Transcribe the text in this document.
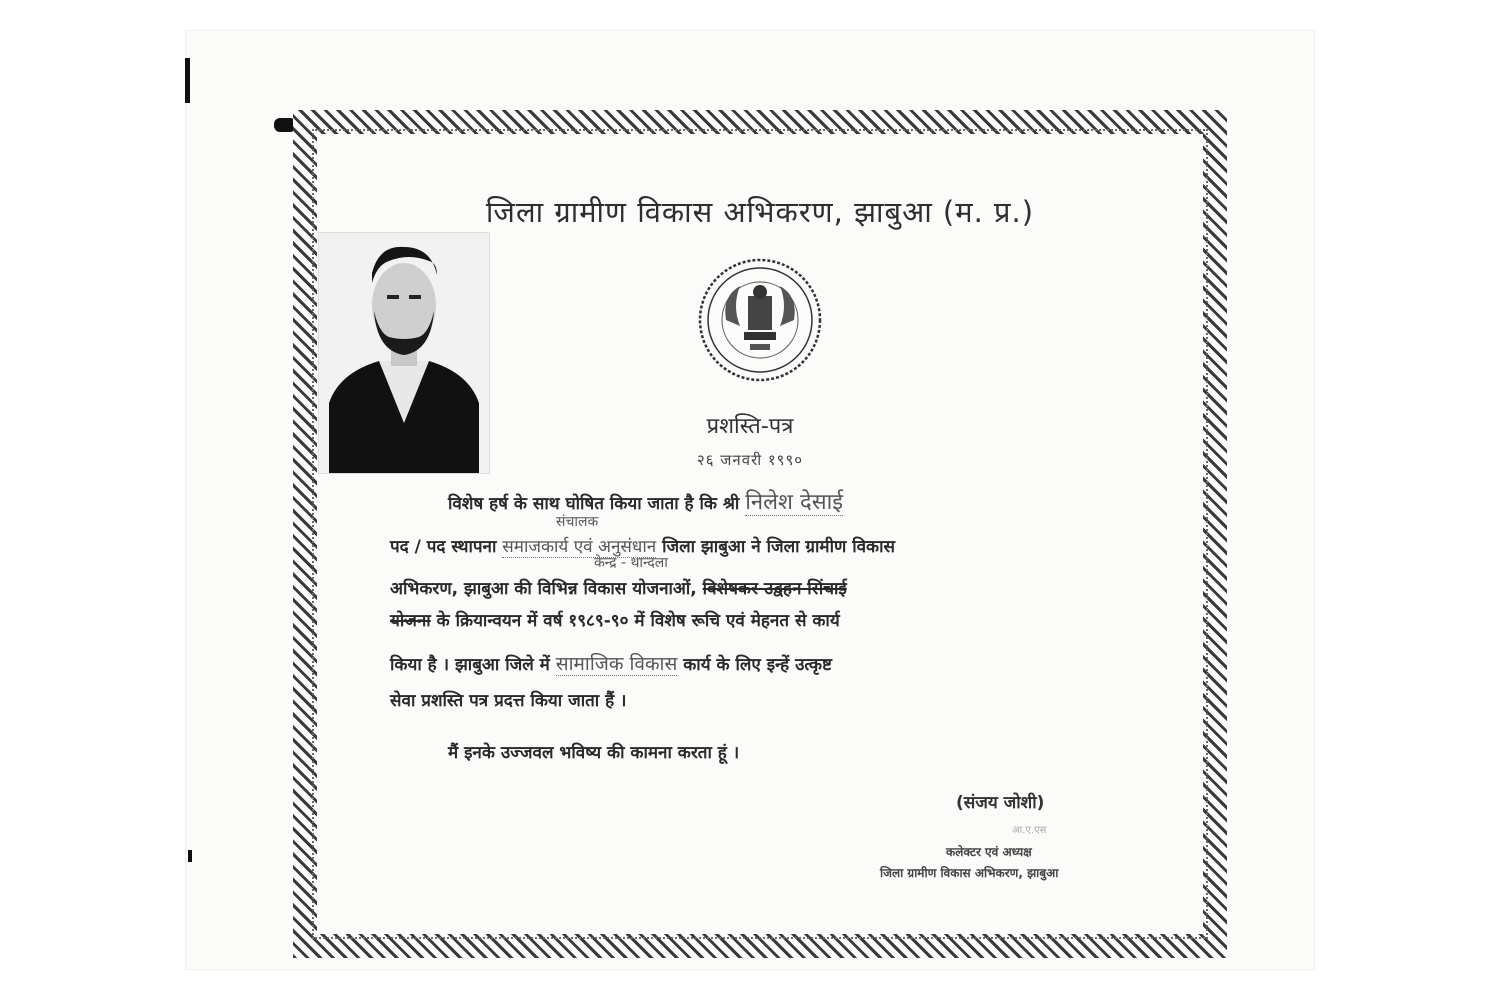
जिला ग्रामीण विकास अभिकरण, झाबुआ (म. प्र.)
प्रशस्ति-पत्र
२६ जनवरी १९९०
विशेष हर्ष के साथ घोषित किया जाता है कि श्री निलेश देसाई
संचालक
पद / पद स्थापना समाजकार्य एवं अनुसंधान जिला झाबुआ ने जिला ग्रामीण विकास
केन्द्र - थान्दला
अभिकरण, झाबुआ की विभिन्न विकास योजनाओं, विशेषकर उद्वहन सिंचाई
योजना के क्रियान्वयन में वर्ष १९८९-९० में विशेष रूचि एवं मेहनत से कार्य
किया है । झाबुआ जिले में सामाजिक विकास कार्य के लिए इन्हें उत्कृष्ट
सेवा प्रशस्ति पत्र प्रदत्त किया जाता हैं ।
मैं इनके उज्जवल भविष्य की कामना करता हूं ।
(संजय जोशी)
आ.ए.एस
कलेक्टर एवं अध्यक्ष
जिला ग्रामीण विकास अभिकरण, झाबुआ
